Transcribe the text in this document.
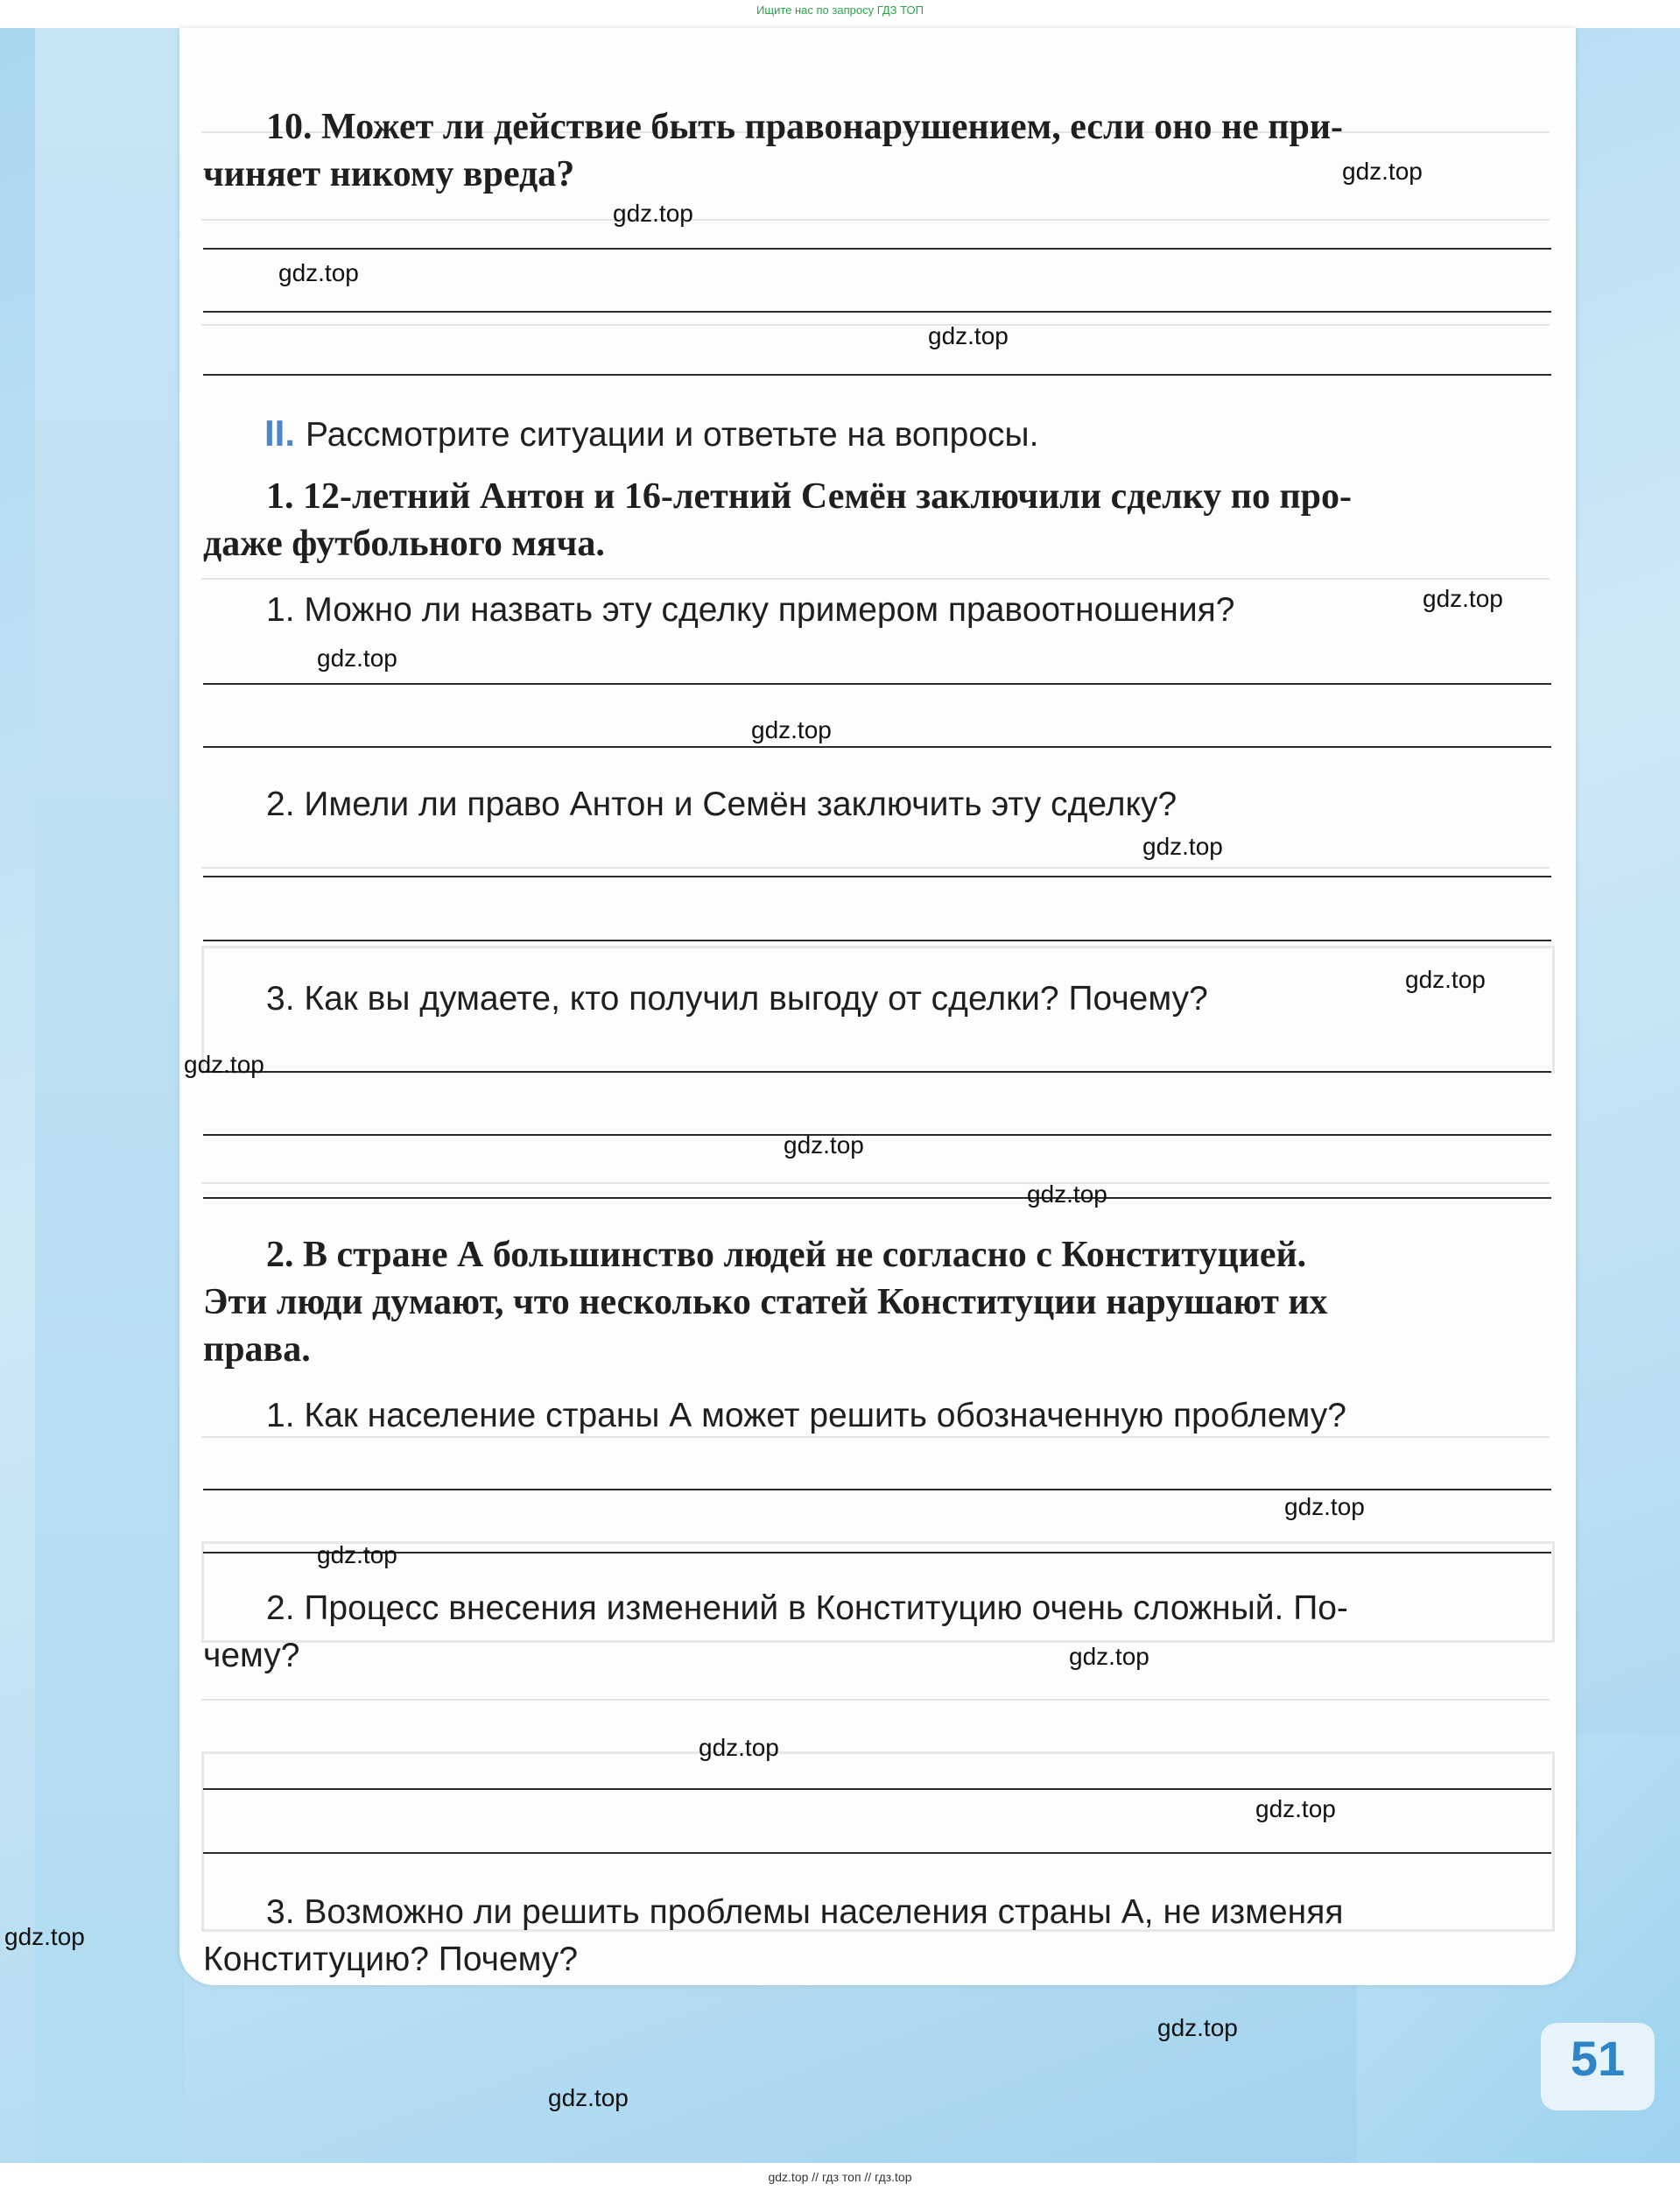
Ищите нас по запросу ГДЗ ТОП
10. Может ли действие быть правонарушением, если оно не при-
чиняет никому вреда?
II. Рассмотрите ситуации и ответьте на вопросы.
1. 12-летний Антон и 16-летний Семён заключили сделку по про-
даже футбольного мяча.
1. Можно ли назвать эту сделку примером правоотношения?
2. Имели ли право Антон и Семён заключить эту сделку?
3. Как вы думаете, кто получил выгоду от сделки? Почему?
2. В стране А большинство людей не согласно с Конституцией.
Эти люди думают, что несколько статей Конституции нарушают их
права.
1. Как население страны А может решить обозначенную проблему?
2. Процесс внесения изменений в Конституцию очень сложный. По-
чему?
3. Возможно ли решить проблемы населения страны А, не изменяя
Конституцию? Почему?
gdz.top
gdz.top
gdz.top
gdz.top
gdz.top
gdz.top
gdz.top
gdz.top
gdz.top
gdz.top
gdz.top
gdz.top
gdz.top
gdz.top
gdz.top
gdz.top
gdz.top
gdz.top
gdz.top
gdz.top
51
gdz.top // гдз топ // гдз.top
